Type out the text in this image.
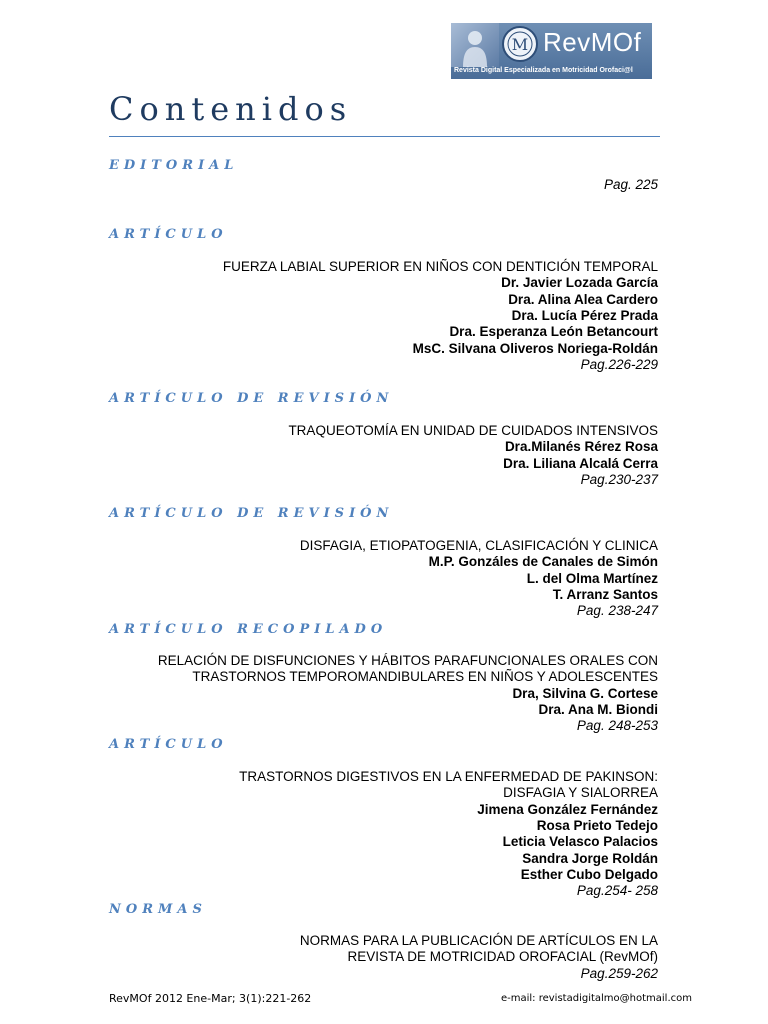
M RevMOf
Revista Digital Especializada en Motricidad Orofaci@l
Contenidos
EDITORIAL
Pag. 225
ARTÍCULO
FUERZA LABIAL SUPERIOR EN NIÑOS CON DENTICIÓN TEMPORAL
Dr. Javier Lozada García
Dra. Alina Alea Cardero
Dra. Lucía Pérez Prada
Dra. Esperanza León Betancourt
MsC. Silvana Oliveros Noriega-Roldán
Pag.226-229
ARTÍCULO DE REVISIÓN
TRAQUEOTOMÍA EN UNIDAD DE CUIDADOS INTENSIVOS
Dra.Milanés Rérez Rosa
Dra. Liliana Alcalá Cerra
Pag.230-237
ARTÍCULO DE REVISIÓN
DISFAGIA, ETIOPATOGENIA, CLASIFICACIÓN Y CLINICA
M.P. Gonzáles de Canales de Simón
L. del Olma Martínez
T. Arranz Santos
Pag. 238-247
ARTÍCULO RECOPILADO
RELACIÓN DE DISFUNCIONES Y HÁBITOS PARAFUNCIONALES ORALES CON
TRASTORNOS TEMPOROMANDIBULARES EN NIÑOS Y ADOLESCENTES
Dra, Silvina G. Cortese
Dra. Ana M. Biondi
Pag. 248-253
ARTÍCULO
TRASTORNOS DIGESTIVOS EN LA ENFERMEDAD DE PAKINSON:
DISFAGIA Y SIALORREA
Jimena González Fernández
Rosa Prieto Tedejo
Leticia Velasco Palacios
Sandra Jorge Roldán
Esther Cubo Delgado
Pag.254- 258
NORMAS
NORMAS PARA LA PUBLICACIÓN DE ARTÍCULOS EN LA
REVISTA DE MOTRICIDAD OROFACIAL (RevMOf)
Pag.259-262
RevMOf 2012 Ene-Mar; 3(1):221-262	e-mail: revistadigitalmo@hotmail.com
